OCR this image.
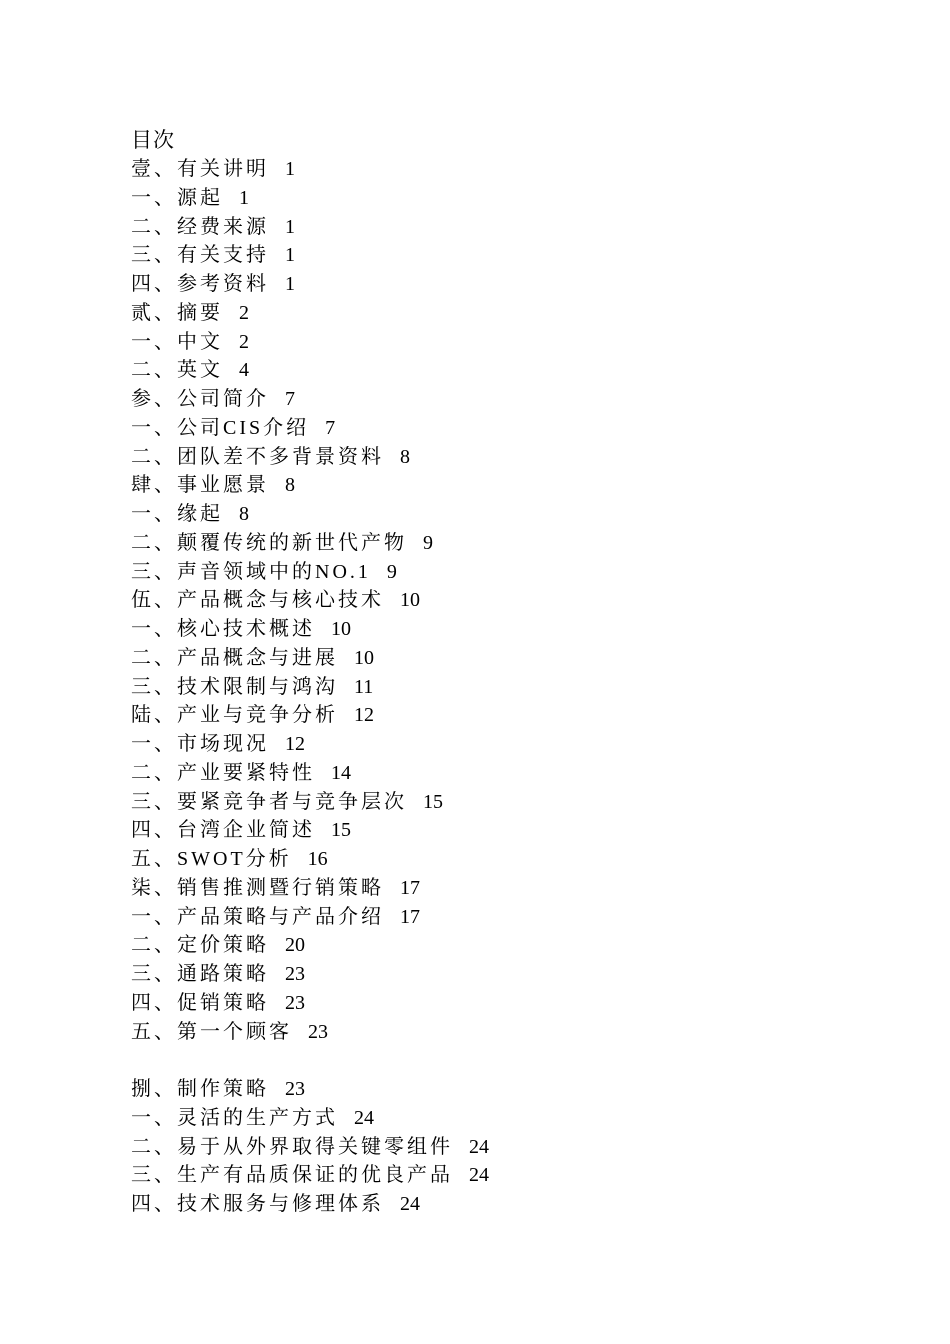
目次
壹、有关讲明 1
一、源起 1
二、经费来源 1
三、有关支持 1
四、参考资料 1
贰、摘要 2
一、中文 2
二、英文 4
参、公司简介 7
一、公司CIS介绍 7
二、团队差不多背景资料 8
肆、事业愿景 8
一、缘起 8
二、颠覆传统的新世代产物 9
三、声音领域中的NO.1 9
伍、产品概念与核心技术 10
一、核心技术概述 10
二、产品概念与进展 10
三、技术限制与鸿沟 11
陆、产业与竞争分析 12
一、市场现况 12
二、产业要紧特性 14
三、要紧竞争者与竞争层次 15
四、台湾企业简述 15
五、SWOT分析 16
柒、销售推测暨行销策略 17
一、产品策略与产品介绍 17
二、定价策略 20
三、通路策略 23
四、促销策略 23
五、第一个顾客 23
捌、制作策略 23
一、灵活的生产方式 24
二、易于从外界取得关键零组件 24
三、生产有品质保证的优良产品 24
四、技术服务与修理体系 24
